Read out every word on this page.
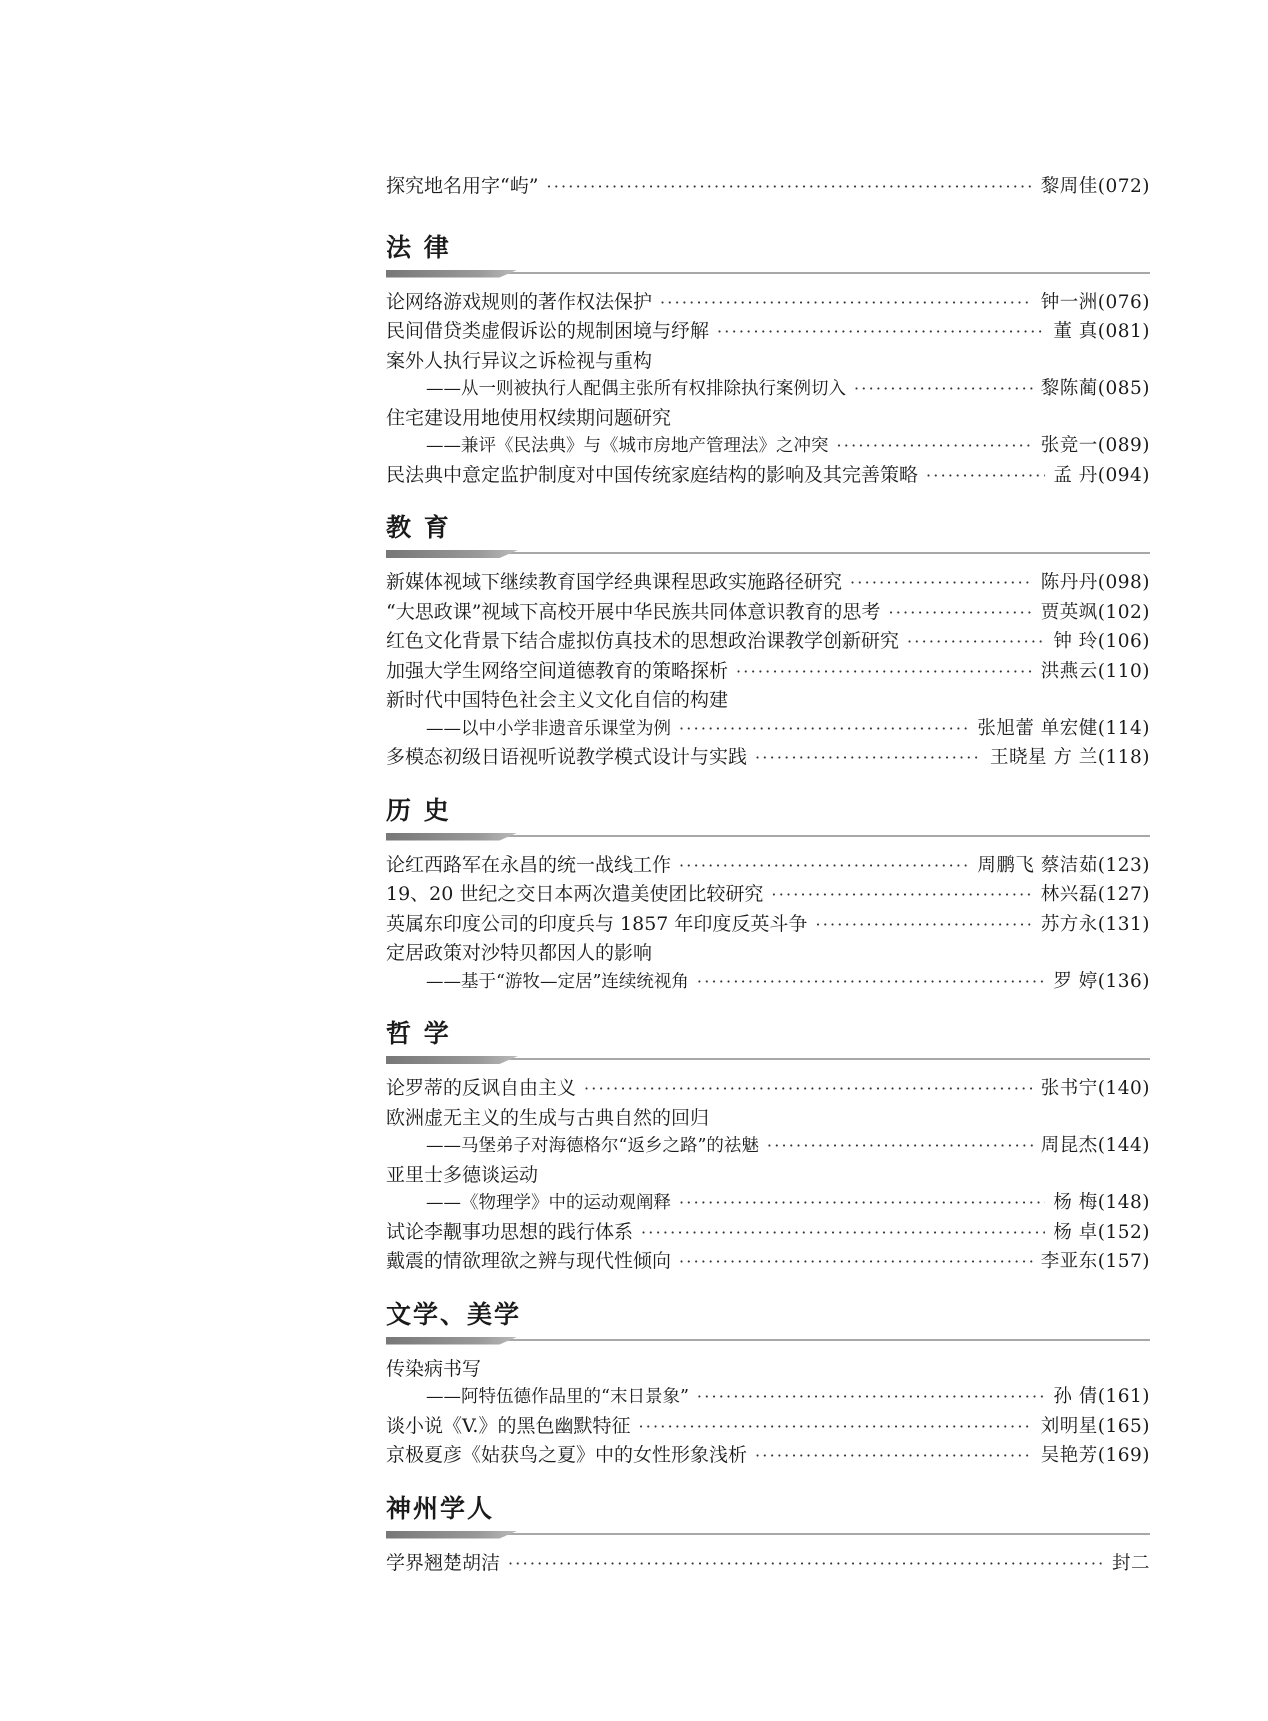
探究地名用字“屿” ·····	黎周佳(072)
法 律
论网络游戏规则的著作权法保护 ·····	钟一洲(076)
民间借贷类虚假诉讼的规制困境与纾解 ·····	董 真(081)
案外人执行异议之诉检视与重构
——从一则被执行人配偶主张所有权排除执行案例切入 ·····	黎陈蔺(085)
住宅建设用地使用权续期问题研究
——兼评《民法典》与《城市房地产管理法》之冲突 ·····	张竞一(089)
民法典中意定监护制度对中国传统家庭结构的影响及其完善策略 ·····	孟 丹(094)
教 育
新媒体视域下继续教育国学经典课程思政实施路径研究 ·····	陈丹丹(098)
“大思政课”视域下高校开展中华民族共同体意识教育的思考 ·····	贾英飒(102)
红色文化背景下结合虚拟仿真技术的思想政治课教学创新研究 ·····	钟 玲(106)
加强大学生网络空间道德教育的策略探析 ·····	洪燕云(110)
新时代中国特色社会主义文化自信的构建
——以中小学非遗音乐课堂为例 ·····	张旭蕾 单宏健(114)
多模态初级日语视听说教学模式设计与实践 ·····	王晓星 方 兰(118)
历 史
论红西路军在永昌的统一战线工作 ·····	周鹏飞 蔡洁茹(123)
19、20 世纪之交日本两次遣美使团比较研究 ·····	林兴磊(127)
英属东印度公司的印度兵与 1857 年印度反英斗争 ·····	苏方永(131)
定居政策对沙特贝都因人的影响
——基于“游牧—定居”连续统视角 ·····	罗 婷(136)
哲 学
论罗蒂的反讽自由主义 ·····	张书宁(140)
欧洲虚无主义的生成与古典自然的回归
——马堡弟子对海德格尔“返乡之路”的祛魅 ·····	周昆杰(144)
亚里士多德谈运动
——《物理学》中的运动观阐释 ·····	杨 梅(148)
试论李觏事功思想的践行体系 ·····	杨 卓(152)
戴震的情欲理欲之辨与现代性倾向 ·····	李亚东(157)
文学、美学
传染病书写
——阿特伍德作品里的“末日景象” ·····	孙 倩(161)
谈小说《V.》的黑色幽默特征 ·····	刘明星(165)
京极夏彦《姑获鸟之夏》中的女性形象浅析 ·····	吴艳芳(169)
神州学人
学界翘楚胡洁 ·····	封二
